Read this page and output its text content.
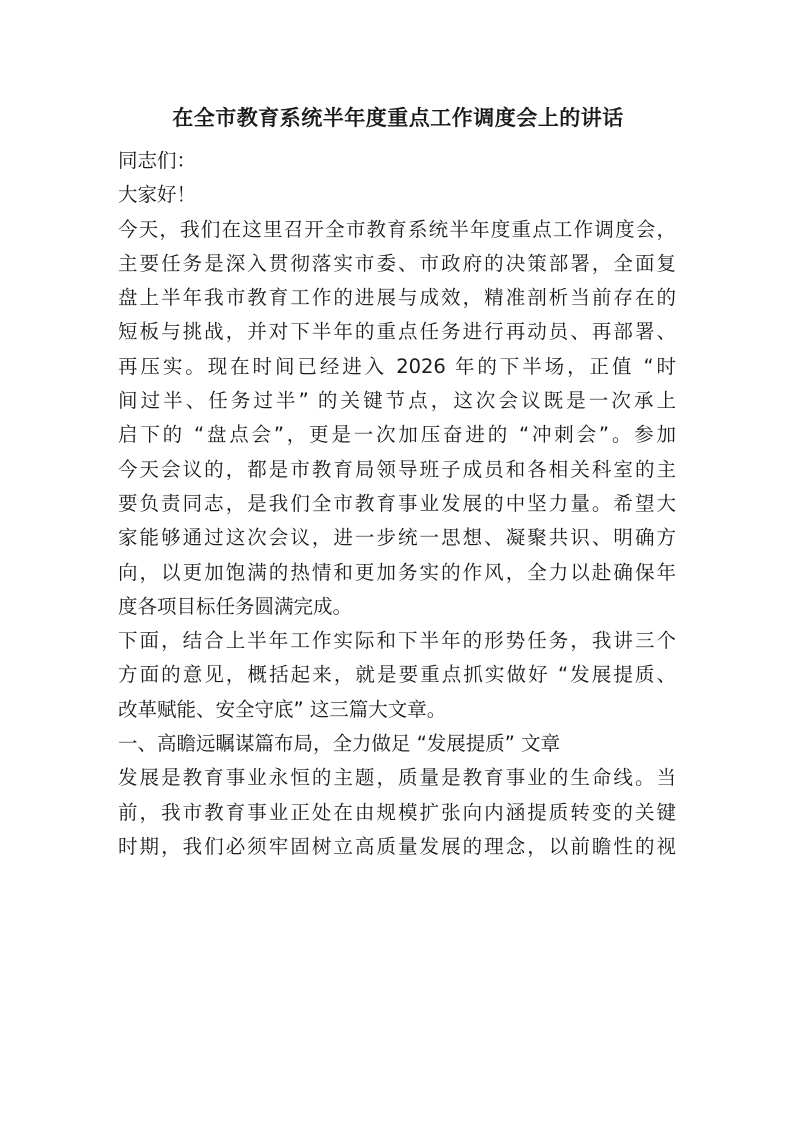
在全市教育系统半年度重点工作调度会上的讲话
同志们：
大家好！
今天，我们在这里召开全市教育系统半年度重点工作调度会，
主要任务是深入贯彻落实市委、市政府的决策部署，全面复
盘上半年我市教育工作的进展与成效，精准剖析当前存在的
短板与挑战，并对下半年的重点任务进行再动员、再部署、
再压实。现在时间已经进入 2026 年的下半场，正值 “时
间过半、任务过半” 的关键节点，这次会议既是一次承上
启下的 “盘点会”，更是一次加压奋进的 “冲刺会”。参加
今天会议的，都是市教育局领导班子成员和各相关科室的主
要负责同志，是我们全市教育事业发展的中坚力量。希望大
家能够通过这次会议，进一步统一思想、凝聚共识、明确方
向，以更加饱满的热情和更加务实的作风，全力以赴确保年
度各项目标任务圆满完成。
下面，结合上半年工作实际和下半年的形势任务，我讲三个
方面的意见，概括起来，就是要重点抓实做好 “发展提质、
改革赋能、安全守底” 这三篇大文章。
一、高瞻远瞩谋篇布局，全力做足 “发展提质” 文章
发展是教育事业永恒的主题，质量是教育事业的生命线。当
前，我市教育事业正处在由规模扩张向内涵提质转变的关键
时期，我们必须牢固树立高质量发展的理念，以前瞻性的视
